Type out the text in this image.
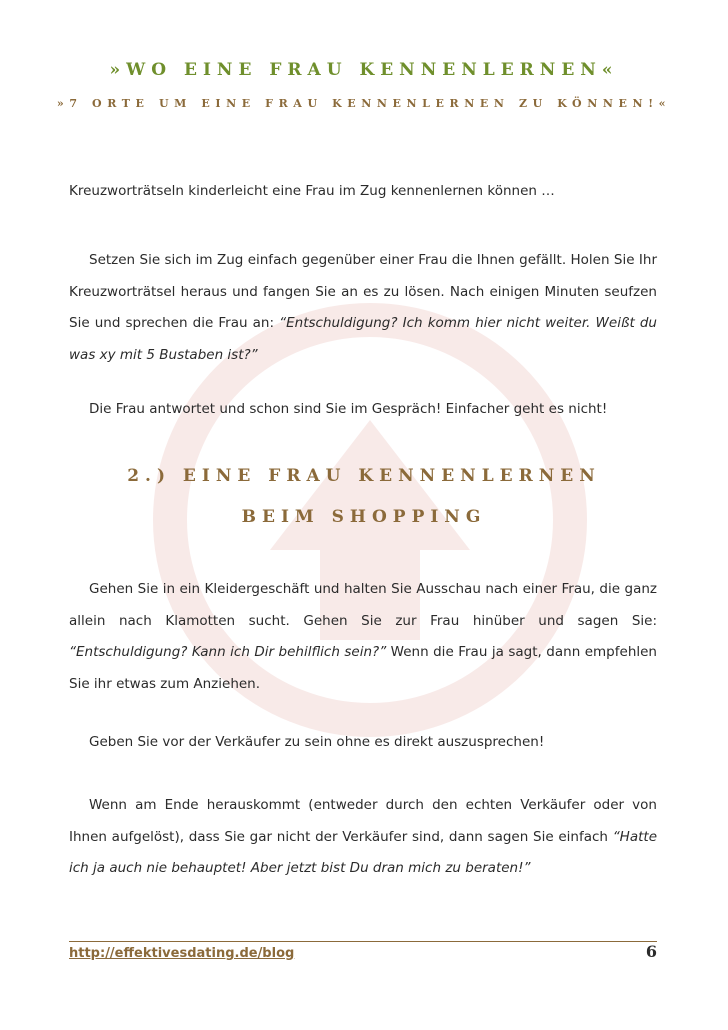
»WO EINE FRAU KENNENLERNEN«
»7 ORTE UM EINE FRAU KENNENLERNEN ZU KÖNNEN!«
Kreuzworträtseln kinderleicht eine Frau im Zug kennenlernen können …
Setzen Sie sich im Zug einfach gegenüber einer Frau die Ihnen gefällt. Holen Sie Ihr Kreuzworträtsel heraus und fangen Sie an es zu lösen. Nach einigen Minuten seufzen Sie und sprechen die Frau an: “Entschuldigung? Ich komm hier nicht weiter. Weißt du was xy mit 5 Bustaben ist?”
Die Frau antwortet und schon sind Sie im Gespräch! Einfacher geht es nicht!
2.) EINE FRAU KENNENLERNEN
BEIM SHOPPING
Gehen Sie in ein Kleidergeschäft und halten Sie Ausschau nach einer Frau, die ganz allein nach Klamotten sucht. Gehen Sie zur Frau hinüber und sagen Sie: “Entschuldigung? Kann ich Dir behilflich sein?” Wenn die Frau ja sagt, dann empfehlen Sie ihr etwas zum Anziehen.
Geben Sie vor der Verkäufer zu sein ohne es direkt auszusprechen!
Wenn am Ende herauskommt (entweder durch den echten Verkäufer oder von Ihnen aufgelöst), dass Sie gar nicht der Verkäufer sind, dann sagen Sie einfach “Hatte ich ja auch nie behauptet! Aber jetzt bist Du dran mich zu beraten!”
http://effektivesdating.de/blog	6
